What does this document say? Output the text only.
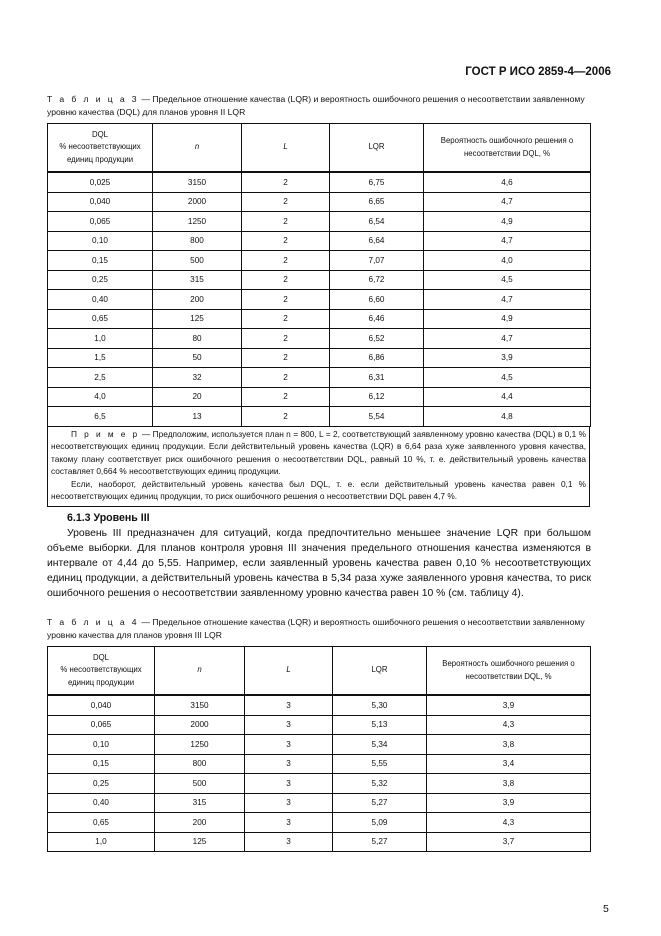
ГОСТ Р ИСО 2859-4—2006
Т а б л и ц а 3 — Предельное отношение качества (LQR) и вероятность ошибочного решения о несоответствии заявленному уровню качества (DQL) для планов уровня II LQR
DQL
% несоответствующих
единиц продукции	n	L	LQR	Вероятность ошибочного решения о несоответствии DQL, %
0,025	3150	2	6,75	4,6
0,040	2000	2	6,65	4,7
0,065	1250	2	6,54	4,9
0,10	800	2	6,64	4,7
0,15	500	2	7,07	4,0
0,25	315	2	6,72	4,5
0,40	200	2	6,60	4,7
0,65	125	2	6,46	4,9
1,0	80	2	6,52	4,7
1,5	50	2	6,86	3,9
2,5	32	2	6,31	4,5
4,0	20	2	6,12	4,4
6,5	13	2	5,54	4,8

П р и м е р — Предположим, используется план n = 800, L = 2, соответствующий заявленному уровню качества (DQL) в 0,1 % несоответствующих единиц продукции. Если действительный уровень качества (LQR) в 6,64 раза хуже заявленного уровня качества, такому плану соответствует риск ошибочного решения о несоответствии DQL, равный 10 %, т. е. действительный уровень качества составляет 0,664 % несоответствующих единиц продукции.

Если, наоборот, действительный уровень качества был DQL, т. е. если действительный уровень качества равен 0,1 % несоответствующих единиц продукции, то риск ошибочного решения о несоответствии DQL равен 4,7 %.

6.1.3 Уровень III

Уровень III предназначен для ситуаций, когда предпочтительно меньшее значение LQR при большом объеме выборки. Для планов контроля уровня III значения предельного отношения качества изменяются в интервале от 4,44 до 5,55. Например, если заявленный уровень качества равен 0,10 % несоответствующих единиц продукции, а действительный уровень качества в 5,34 раза хуже заявленного уровня качества, то риск ошибочного решения о несоответствии заявленному уровню качества равен 10 % (см. таблицу 4).

Т а б л и ц а 4 — Предельное отношение качества (LQR) и вероятность ошибочного решения о несоответствии заявленному уровню качества для планов уровня III LQR
DQL
% несоответствующих
единиц продукции	n	L	LQR	Вероятность ошибочного решения о несоответствии DQL, %
0,040	3150	3	5,30	3,9
0,065	2000	3	5,13	4,3
0,10	1250	3	5,34	3,8
0,15	800	3	5,55	3,4
0,25	500	3	5,32	3,8
0,40	315	3	5,27	3,9
0,65	200	3	5,09	4,3
1,0	125	3	5,27	3,7
5
